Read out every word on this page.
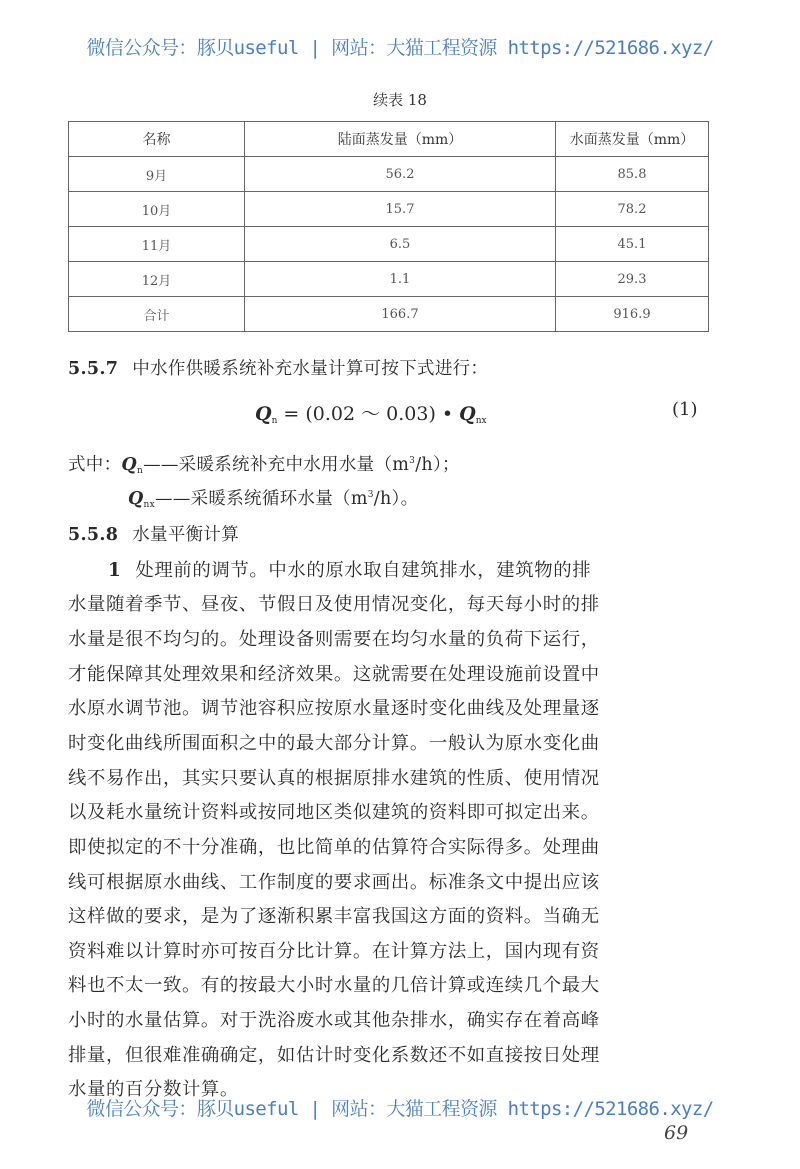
微信公众号：豚贝useful | 网站：大猫工程资源 https://521686.xyz/
续表 18
名称	陆面蒸发量（mm）	水面蒸发量（mm）
9月	56.2	85.8
10月	15.7	78.2
11月	6.5	45.1
12月	1.1	29.3
合计	166.7	916.9
5.5.7 中水作供暖系统补充水量计算可按下式进行：
$Q_n = (0.02$ ～ 0.03) • $Q_{nx}$
(1)
式中：$Q_n——$采暖系统补充中水用水量$(m^3/h)$；
$Q_{nx}——$采暖系统循环水量$(m^3/h)$。
5.5.8 水量平衡计算
1 处理前的调节。中水的原水取自建筑排水，建筑物的排
水量随着季节、昼夜、节假日及使用情况变化，每天每小时的排
水量是很不均匀的。处理设备则需要在均匀水量的负荷下运行，
才能保障其处理效果和经济效果。这就需要在处理设施前设置中
水原水调节池。调节池容积应按原水量逐时变化曲线及处理量逐
时变化曲线所围面积之中的最大部分计算。一般认为原水变化曲
线不易作出，其实只要认真的根据原排水建筑的性质、使用情况
以及耗水量统计资料或按同地区类似建筑的资料即可拟定出来。
即使拟定的不十分准确，也比简单的估算符合实际得多。处理曲
线可根据原水曲线、工作制度的要求画出。标准条文中提出应该
这样做的要求，是为了逐渐积累丰富我国这方面的资料。当确无
资料难以计算时亦可按百分比计算。在计算方法上，国内现有资
料也不太一致。有的按最大小时水量的几倍计算或连续几个最大
小时的水量估算。对于洗浴废水或其他杂排水，确实存在着高峰
排量，但很难准确确定，如估计时变化系数还不如直接按日处理
水量的百分数计算。
微信公众号：豚贝useful | 网站：大猫工程资源 https://521686.xyz/
69
